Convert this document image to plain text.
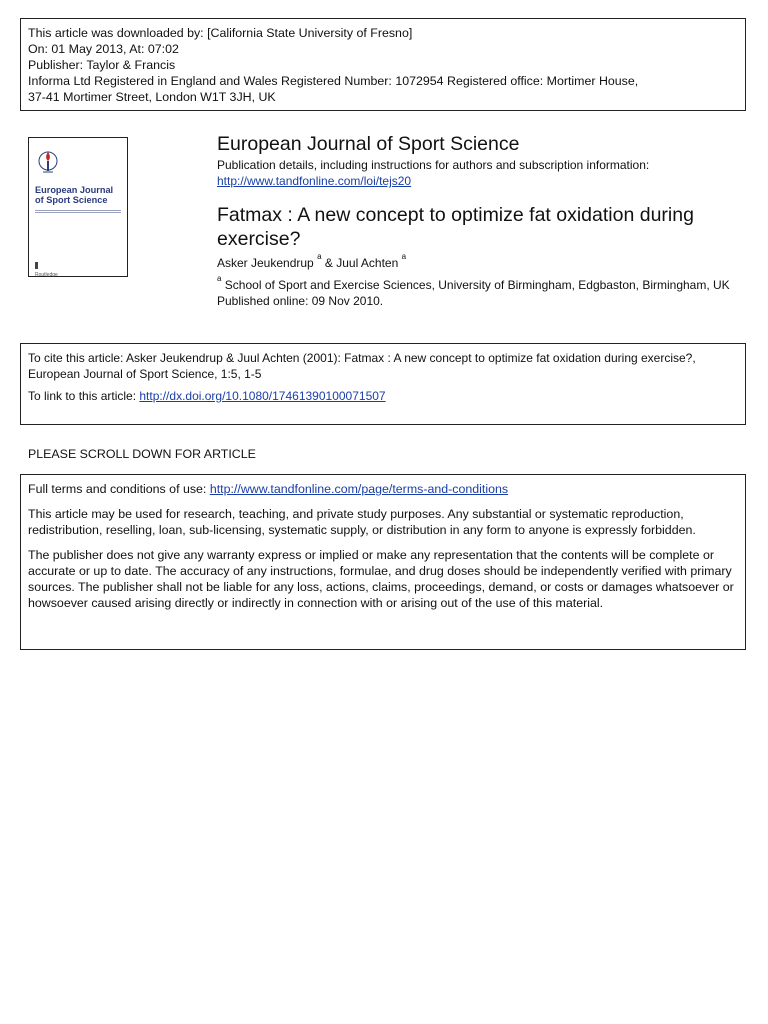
This article was downloaded by: [California State University of Fresno]
On: 01 May 2013, At: 07:02
Publisher: Taylor & Francis
Informa Ltd Registered in England and Wales Registered Number: 1072954 Registered office: Mortimer House,
37-41 Mortimer Street, London W1T 3JH, UK
European Journal of Sport Science
Routledge
European Journal of Sport Science
Publication details, including instructions for authors and subscription information:
http://www.tandfonline.com/loi/tejs20
Fatmax : A new concept to optimize fat oxidation during exercise?
Asker Jeukendrup $^a$ & Juul Achten $^a$
$^a$ School of Sport and Exercise Sciences, University of Birmingham, Edgbaston, Birmingham, UK
Published online: 09 Nov 2010.
To cite this article: Asker Jeukendrup & Juul Achten (2001): Fatmax : A new concept to optimize fat oxidation during exercise?, European Journal of Sport Science, 1:5, 1-5
To link to this article: http://dx.doi.org/10.1080/17461390100071507
PLEASE SCROLL DOWN FOR ARTICLE

Full terms and conditions of use: http://www.tandfonline.com/page/terms-and-conditions

This article may be used for research, teaching, and private study purposes. Any substantial or systematic reproduction, redistribution, reselling, loan, sub-licensing, systematic supply, or distribution in any form to anyone is expressly forbidden.

The publisher does not give any warranty express or implied or make any representation that the contents will be complete or accurate or up to date. The accuracy of any instructions, formulae, and drug doses should be independently verified with primary sources. The publisher shall not be liable for any loss, actions, claims, proceedings, demand, or costs or damages whatsoever or howsoever caused arising directly or indirectly in connection with or arising out of the use of this material.
